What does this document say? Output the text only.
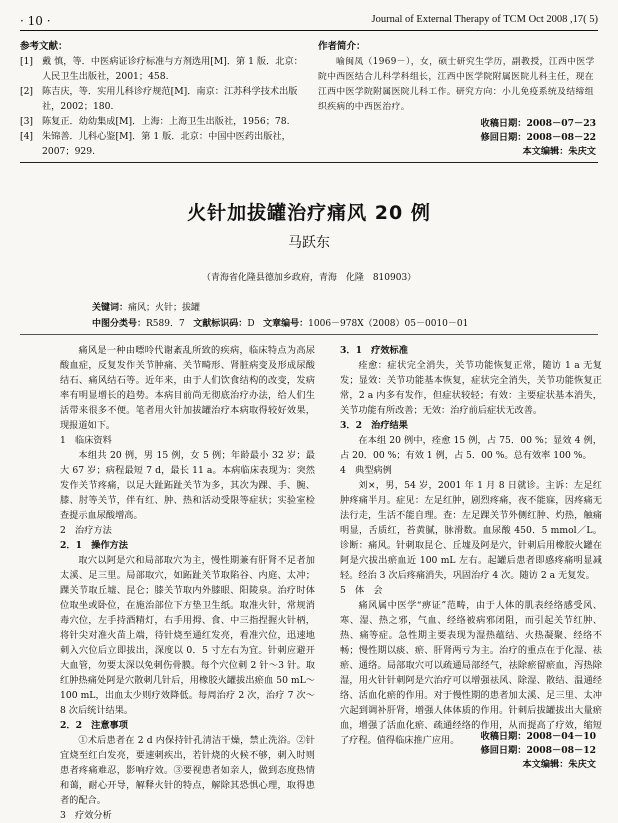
· 10 ·	Journal of External Therapy of TCM Oct 2008 ,17( 5)
参考文献：
[1] 戴 慎，等．中医病证诊疗标准与方剂选用[M]．第 1 版．北京：人民卫生出版社，2001；458.
[2] 陈吉庆，等．实用儿科诊疗规范[M]．南京：江苏科学技术出版社，2002；180.
[3] 陈复正．幼幼集成[M]．上海：上海卫生出版社，1956；78.
[4] 朱锦善．儿科心鉴[M]．第 1 版．北京：中国中医药出版社，2007；929.
作者简介：
喻闽凤（1969－），女，硕士研究生学历，副教授，江西中医学院中西医结合儿科学科组长，江西中医学院附属医院儿科主任，现在江西中医学院附属医院儿科工作。研究方向：小儿免疫系统及结缔组织疾病的中西医治疗。
收稿日期：2008－07－23
修回日期：2008－08－22
本文编辑：朱庆文
火针加拔罐治疗痛风 20 例
马跃东
（青海省化隆县德加乡政府，青海　化隆　810903）
关键词：痛风；火针；拔罐
中图分类号：R589．7 文献标识码：D 文章编号：1006－978X（2008）05－0010－01

痛风是一种由嘌呤代谢紊乱所致的疾病，临床特点为高尿酸血症，反复发作关节肿痛、关节畸形、肾脏病变及形成尿酸结石、痛风结石等。近年来，由于人们饮食结构的改变，发病率有明显增长的趋势。本病目前尚无彻底治疗办法，给人们生活带来很多不便。笔者用火针加拔罐治疗本病取得较好效果，现报道如下。

1　临床资料

本组共 20 例，男 15 例，女 5 例；年龄最小 32 岁；最大 67 岁；病程最短 7 d，最长 11 a。本病临床表现为：突然发作关节疼痛，以足大趾跖趾关节为多，其次为踝、手、腕、膝、肘等关节，伴有红、肿、热和活动受限等症状；实验室检查提示血尿酸增高。

2　治疗方法

2．1　操作方法

取穴以阿是穴和局部取穴为主，慢性期兼有肝肾不足者加太溪、足三里。局部取穴，如跖趾关节取陷谷、内庭、太冲；踝关节取丘墟、昆仑；膝关节取内外膝眼、阳陵泉。治疗时体位取坐或卧位，在施治部位下方垫卫生纸。取准火针，常规消毒穴位，左手持酒精灯，右手用拇、食、中三指捏握火针柄，将针尖对准火苗上端，待针烧至通红发亮，看准穴位，迅速地刺入穴位后立即拔出，深度以 0．5 寸左右为宜。针刺应避开大血管，勿要太深以免刺伤骨膜。每个穴位刺 2 针～3 针。取红肿热痛处阿是穴散刺几针后，用橡胶火罐拔出瘀血 50 mL～100 mL，出血太少则疗效降低。每周治疗 2 次，治疗 7 次～8 次后统计结果。

2．2　注意事项

①术后患者在 2 d 内保持针孔清洁干燥，禁止洗浴。②针宜烧至红白发亮，要速刺疾出，若针烧的火候不够，刺入时则患者疼痛难忍，影响疗效。③要视患者如亲人，做到态度热情和蔼，耐心开导，解释火针的特点，解除其恐惧心理，取得患者的配合。

3　疗效分析

3．1　疗效标准

痊愈：症状完全消失，关节功能恢复正常，随访 1 a 无复发；显效：关节功能基本恢复，症状完全消失，关节功能恢复正常，2 a 内多有发作，但症状较轻；有效：主要症状基本消失，关节功能有所改善；无效：治疗前后症状无改善。

3．2　治疗结果

在本组 20 例中，痊愈 15 例，占 75．00 %；显效 4 例，占 20．00 %；有效 1 例，占 5．00 %。总有效率 100 %。

4　典型病例

刘×，男，54 岁，2001 年 1 月 8 日就诊。主诉：左足红肿疼痛半月。症见：左足红肿，剧烈疼痛，夜不能寐，因疼痛无法行走，生活不能自理。查：左足踝关节外侧红肿、灼热，触痛明显，舌质红，苔黄腻，脉滑数。血尿酸 450．5 mmol／L。诊断：痛风。针刺取昆仑、丘墟及阿是穴，针刺后用橡胶火罐在阿是穴拔出瘀血近 100 mL 左右。起罐后患者即感疼痛明显减轻。经治 3 次后疼痛消失，巩固治疗 4 次。随访 2 a 无复发。

5　体　会

痛风属中医学“痹证”范畴，由于人体的肌表经络感受风、寒、湿、热之邪，气血、经络被病邪闭阻，而引起关节红肿、热、痛等症。急性期主要表现为湿热蕴结、火热凝聚、经络不畅；慢性期以痰、瘀、肝肾两亏为主。治疗的重点在于化湿、祛瘀、通络。局部取穴可以疏通局部经气，祛除瘀留瘀血，泻热除湿，用火针针刺阿是穴治疗可以增强祛风、除湿、散结、温通经络、活血化瘀的作用。对于慢性期的患者加太溪、足三里、太冲穴起到调补肝肾，增强人体体质的作用。针刺后拔罐拔出大量瘀血，增强了活血化瘀、疏通经络的作用，从而提高了疗效，缩短了疗程。值得临床推广应用。	收稿日期：2008－04－10
修回日期：2008－08－12
本文编辑：朱庆文
